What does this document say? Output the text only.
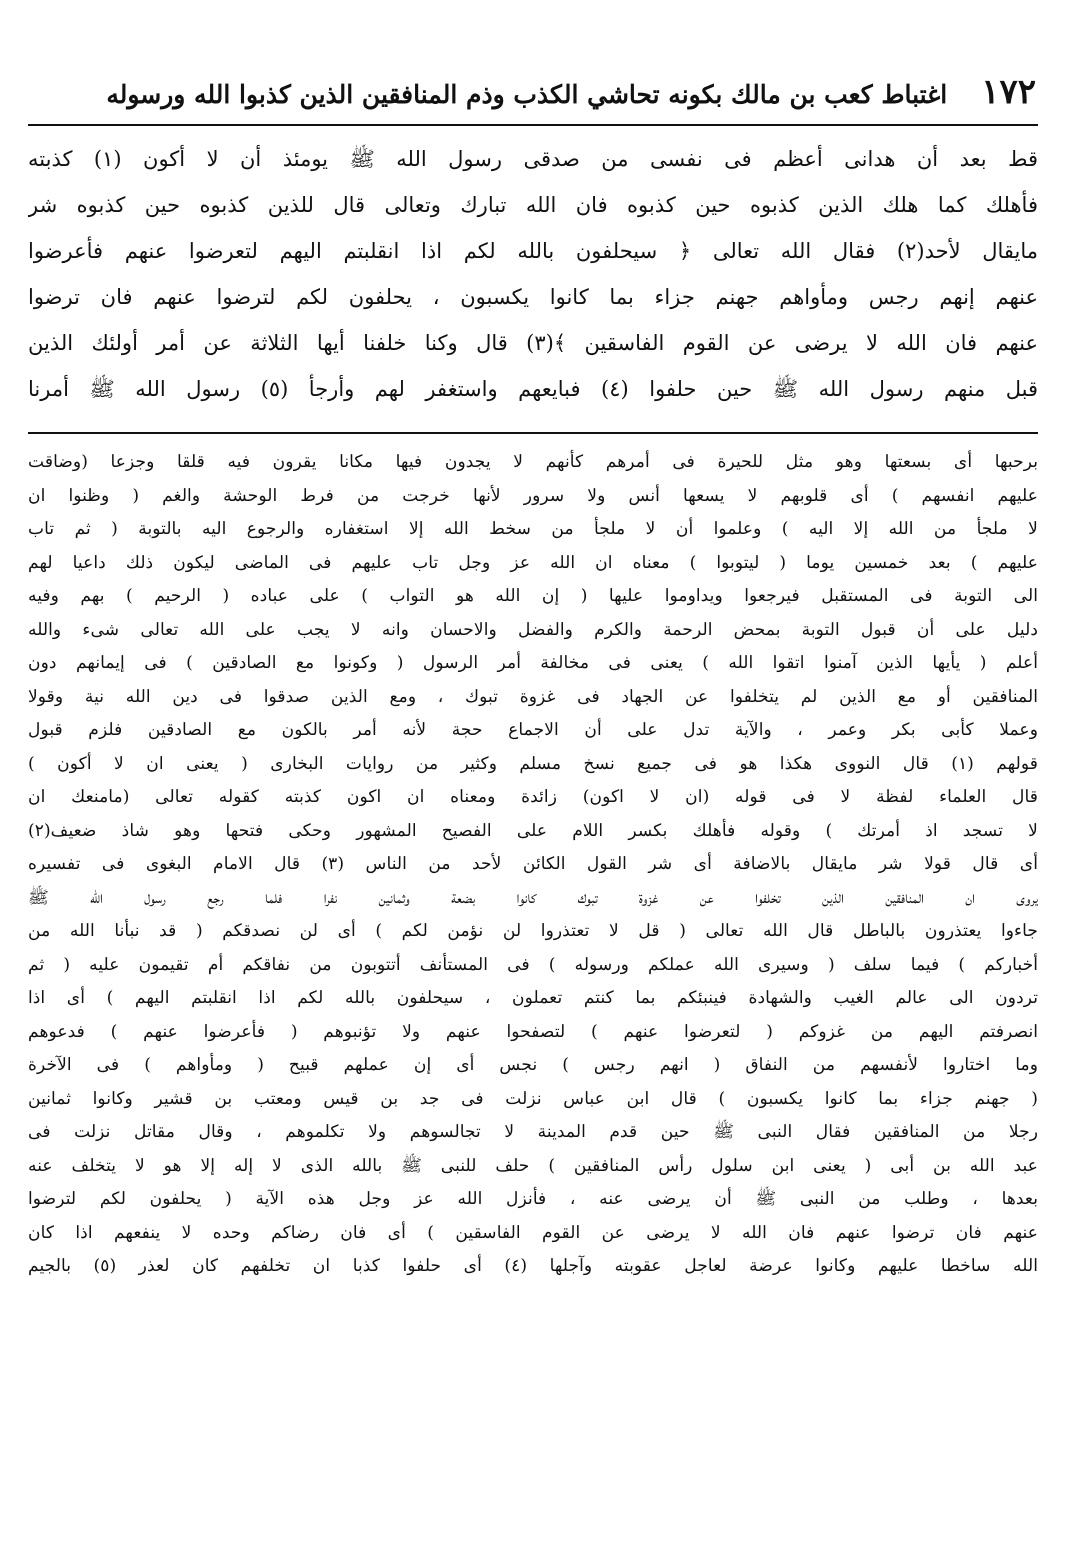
١٧٢
اغتباط كعب بن مالك بكونه تحاشي الكذب وذم المنافقين الذين كذبوا الله ورسوله
قط بعد أن هدانى أعظم فى نفسى من صدقى رسول الله ﷺ يومئذ أن لا أكون (١) كذبته
فأهلك كما هلك الذين كذبوه حين كذبوه فان الله تبارك وتعالى قال للذين كذبوه حين كذبوه شر
مايقال لأحد(٢) فقال الله تعالى ﴿ سيحلفون بالله لكم اذا انقلبتم اليهم لتعرضوا عنهم فأعرضوا
عنهم إنهم رجس ومأواهم جهنم جزاء بما كانوا يكسبون ، يحلفون لكم لترضوا عنهم فان ترضوا
عنهم فان الله لا يرضى عن القوم الفاسقين ﴾(٣) قال وكنا خلفنا أيها الثلاثة عن أمر أولئك الذين
قبل منهم رسول الله ﷺ حين حلفوا (٤) فبايعهم واستغفر لهم وأرجأ (٥) رسول الله ﷺ أمرنا
برحبها أى بسعتها وهو مثل للحيرة فى أمرهم كأنهم لا يجدون فيها مكانا يقرون فيه قلقا وجزعا (وضاقت
عليهم انفسهم ) أى قلوبهم لا يسعها أنس ولا سرور لأنها خرجت من فرط الوحشة والغم ( وظنوا ان
لا ملجأ من الله إلا اليه ) وعلموا أن لا ملجأ من سخط الله إلا استغفاره والرجوع اليه بالتوبة ( ثم تاب
عليهم ) بعد خمسين يوما ( ليتوبوا ) معناه ان الله عز وجل تاب عليهم فى الماضى ليكون ذلك داعيا لهم
الى التوبة فى المستقبل فيرجعوا ويداوموا عليها ( إن الله هو التواب ) على عباده ( الرحيم ) بهم وفيه
دليل على أن قبول التوبة بمحض الرحمة والكرم والفضل والاحسان وانه لا يجب على الله تعالى شىء والله
أعلم ( يأيها الذين آمنوا اتقوا الله ) يعنى فى مخالفة أمر الرسول ( وكونوا مع الصادقين ) فى إيمانهم دون
المنافقين أو مع الذين لم يتخلفوا عن الجهاد فى غزوة تبوك ، ومع الذين صدقوا فى دين الله نية وقولا
وعملا كأبى بكر وعمر ، والآية تدل على أن الاجماع حجة لأنه أمر بالكون مع الصادقين فلزم قبول
قولهم (١) قال النووى هكذا هو فى جميع نسخ مسلم وكثير من روايات البخارى ( يعنى ان لا أكون )
قال العلماء لفظة لا فى قوله (ان لا اكون) زائدة ومعناه ان اكون كذبته كقوله تعالى (مامنعك ان
لا تسجد اذ أمرتك ) وقوله فأهلك بكسر اللام على الفصيح المشهور وحكى فتحها وهو شاذ ضعيف(٢)
أى قال قولا شر مايقال بالاضافة أى شر القول الكائن لأحد من الناس (٣) قال الامام البغوى فى تفسيره
يروى ان المنافقين الذين تخلفوا عن غزوة تبوك كانوا بضعة وثمانين نفرا فلما رجع رسول الله ﷺ
جاءوا يعتذرون بالباطل قال الله تعالى ( قل لا تعتذروا لن نؤمن لكم ) أى لن نصدقكم ( قد نبأنا الله من
أخباركم ) فيما سلف ( وسيرى الله عملكم ورسوله ) فى المستأنف أتتوبون من نفاقكم أم تقيمون عليه ( ثم
تردون الى عالم الغيب والشهادة فينبئكم بما كنتم تعملون ، سيحلفون بالله لكم اذا انقلبتم اليهم ) أى اذا
انصرفتم اليهم من غزوكم ( لتعرضوا عنهم ) لتصفحوا عنهم ولا تؤنبوهم ( فأعرضوا عنهم ) فدعوهم
وما اختاروا لأنفسهم من النفاق ( انهم رجس ) نجس أى إن عملهم قبيح ( ومأواهم ) فى الآخرة
( جهنم جزاء بما كانوا يكسبون ) قال ابن عباس نزلت فى جد بن قيس ومعتب بن قشير وكانوا ثمانين
رجلا من المنافقين فقال النبى ﷺ حين قدم المدينة لا تجالسوهم ولا تكلموهم ، وقال مقاتل نزلت فى
عبد الله بن أبى ( يعنى ابن سلول رأس المنافقين ) حلف للنبى ﷺ بالله الذى لا إله إلا هو لا يتخلف عنه
بعدها ، وطلب من النبى ﷺ أن يرضى عنه ، فأنزل الله عز وجل هذه الآية ( يحلفون لكم لترضوا
عنهم فان ترضوا عنهم فان الله لا يرضى عن القوم الفاسقين ) أى فان رضاكم وحده لا ينفعهم اذا كان
الله ساخطا عليهم وكانوا عرضة لعاجل عقوبته وآجلها (٤) أى حلفوا كذبا ان تخلفهم كان لعذر (٥) بالجيم
